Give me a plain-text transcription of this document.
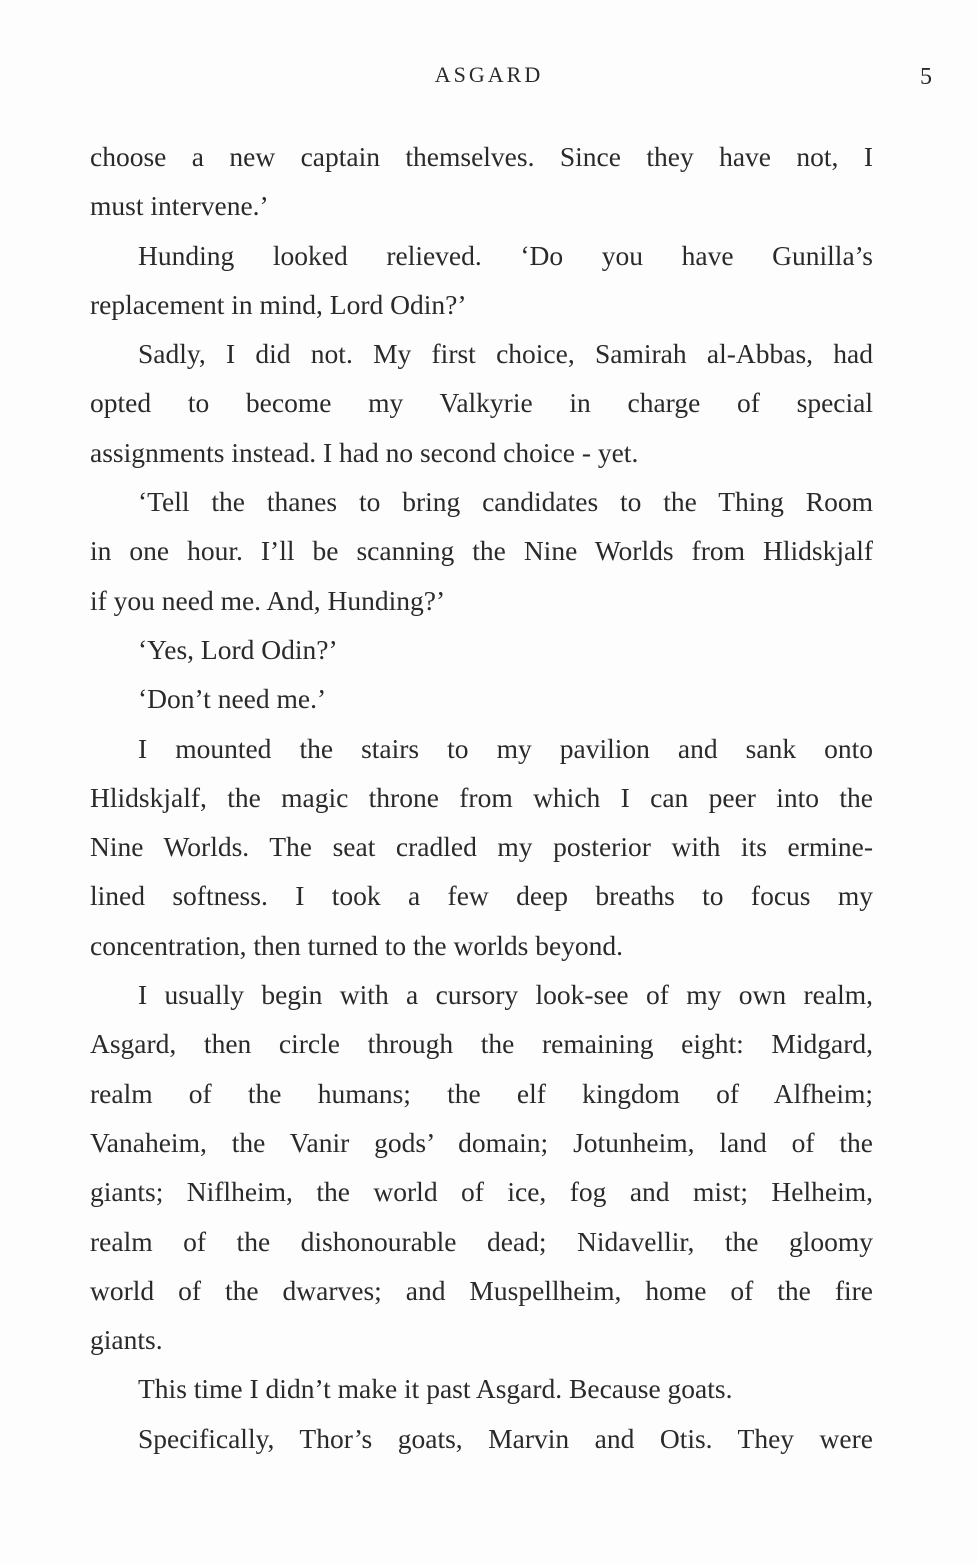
ASGARD	5
choose a new captain themselves. Since they have not, I
must intervene.’
Hunding looked relieved. ‘Do you have Gunilla’s
replacement in mind, Lord Odin?’
Sadly, I did not. My first choice, Samirah al-Abbas, had
opted to become my Valkyrie in charge of special
assignments instead. I had no second choice - yet.
‘Tell the thanes to bring candidates to the Thing Room
in one hour. I’ll be scanning the Nine Worlds from Hlidskjalf
if you need me. And, Hunding?’
‘Yes, Lord Odin?’
‘Don’t need me.’
I mounted the stairs to my pavilion and sank onto
Hlidskjalf, the magic throne from which I can peer into the
Nine Worlds. The seat cradled my posterior with its ermine-
lined softness. I took a few deep breaths to focus my
concentration, then turned to the worlds beyond.
I usually begin with a cursory look-see of my own realm,
Asgard, then circle through the remaining eight: Midgard,
realm of the humans; the elf kingdom of Alfheim;
Vanaheim, the Vanir gods’ domain; Jotunheim, land of the
giants; Niflheim, the world of ice, fog and mist; Helheim,
realm of the dishonourable dead; Nidavellir, the gloomy
world of the dwarves; and Muspellheim, home of the fire
giants.
This time I didn’t make it past Asgard. Because goats.
Specifically, Thor’s goats, Marvin and Otis. They were
